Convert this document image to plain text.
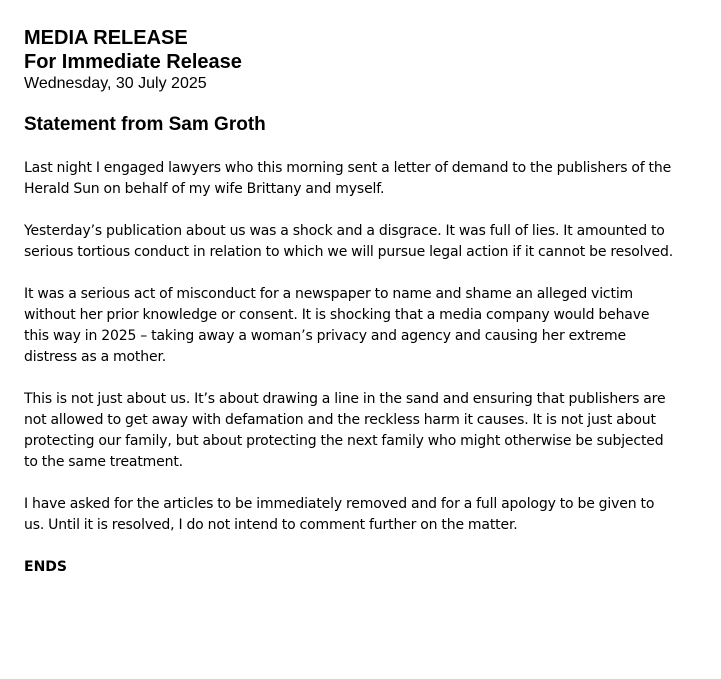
MEDIA RELEASE

For Immediate Release

Wednesday, 30 July 2025

Statement from Sam Groth

Last night I engaged lawyers who this morning sent a letter of demand to the publishers of the Herald Sun on behalf of my wife Brittany and myself.

Yesterday’s publication about us was a shock and a disgrace. It was full of lies. It amounted to serious tortious conduct in relation to which we will pursue legal action if it cannot be resolved.

It was a serious act of misconduct for a newspaper to name and shame an alleged victim without her prior knowledge or consent. It is shocking that a media company would behave this way in 2025 – taking away a woman’s privacy and agency and causing her extreme distress as a mother.

This is not just about us. It’s about drawing a line in the sand and ensuring that publishers are not allowed to get away with defamation and the reckless harm it causes. It is not just about protecting our family, but about protecting the next family who might otherwise be subjected to the same treatment.

I have asked for the articles to be immediately removed and for a full apology to be given to us. Until it is resolved, I do not intend to comment further on the matter.

ENDS
